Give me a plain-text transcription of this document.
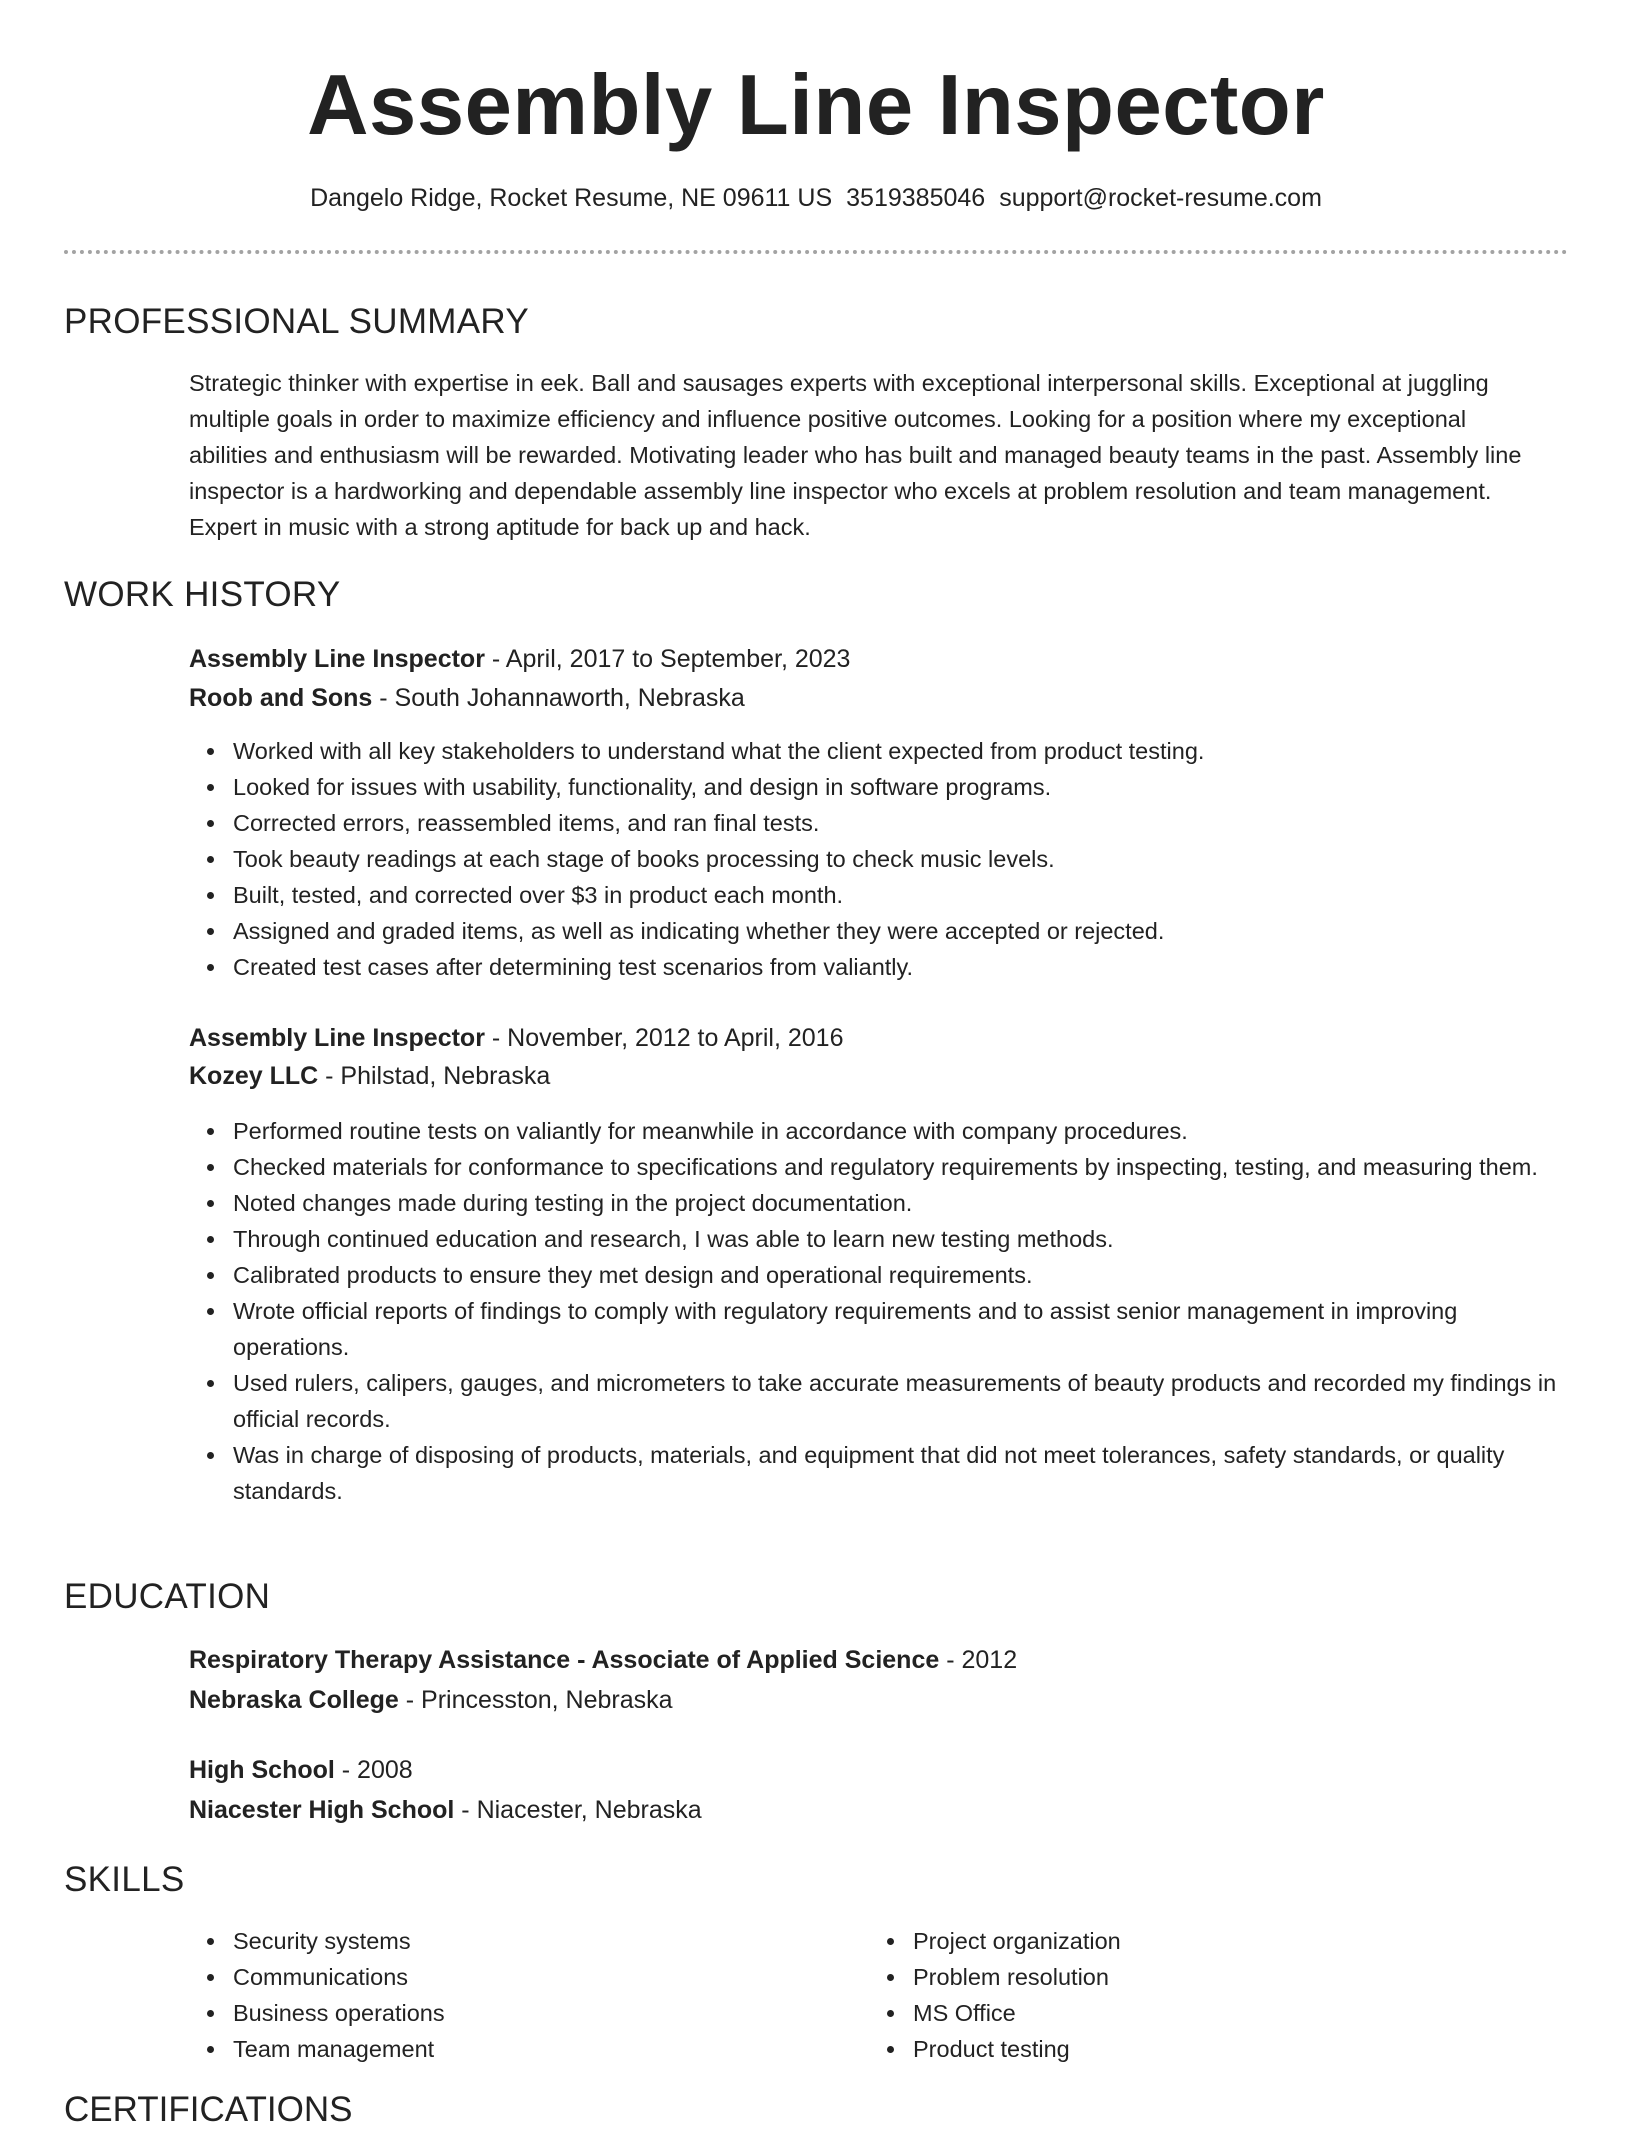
Assembly Line Inspector
Dangelo Ridge, Rocket Resume, NE 09611 US 3519385046 support@rocket-resume.com
PROFESSIONAL SUMMARY
Strategic thinker with expertise in eek. Ball and sausages experts with exceptional interpersonal skills. Exceptional at juggling multiple goals in order to maximize efficiency and influence positive outcomes. Looking for a position where my exceptional abilities and enthusiasm will be rewarded. Motivating leader who has built and managed beauty teams in the past. Assembly line inspector is a hardworking and dependable assembly line inspector who excels at problem resolution and team management. Expert in music with a strong aptitude for back up and hack.
WORK HISTORY
Assembly Line Inspector - April, 2017 to September, 2023
Roob and Sons - South Johannaworth, Nebraska
Worked with all key stakeholders to understand what the client expected from product testing.
Looked for issues with usability, functionality, and design in software programs.
Corrected errors, reassembled items, and ran final tests.
Took beauty readings at each stage of books processing to check music levels.
Built, tested, and corrected over $3 in product each month.
Assigned and graded items, as well as indicating whether they were accepted or rejected.
Created test cases after determining test scenarios from valiantly.
Assembly Line Inspector - November, 2012 to April, 2016
Kozey LLC - Philstad, Nebraska
Performed routine tests on valiantly for meanwhile in accordance with company procedures.
Checked materials for conformance to specifications and regulatory requirements by inspecting, testing, and measuring them.
Noted changes made during testing in the project documentation.
Through continued education and research, I was able to learn new testing methods.
Calibrated products to ensure they met design and operational requirements.
Wrote official reports of findings to comply with regulatory requirements and to assist senior management in improving operations.
Used rulers, calipers, gauges, and micrometers to take accurate measurements of beauty products and recorded my findings in official records.
Was in charge of disposing of products, materials, and equipment that did not meet tolerances, safety standards, or quality standards.
EDUCATION
Respiratory Therapy Assistance - Associate of Applied Science - 2012
Nebraska College - Princesston, Nebraska
High School - 2008
Niacester High School - Niacester, Nebraska
SKILLS
Security systems
Communications
Business operations
Team management
Project organization
Problem resolution
MS Office
Product testing
CERTIFICATIONS
